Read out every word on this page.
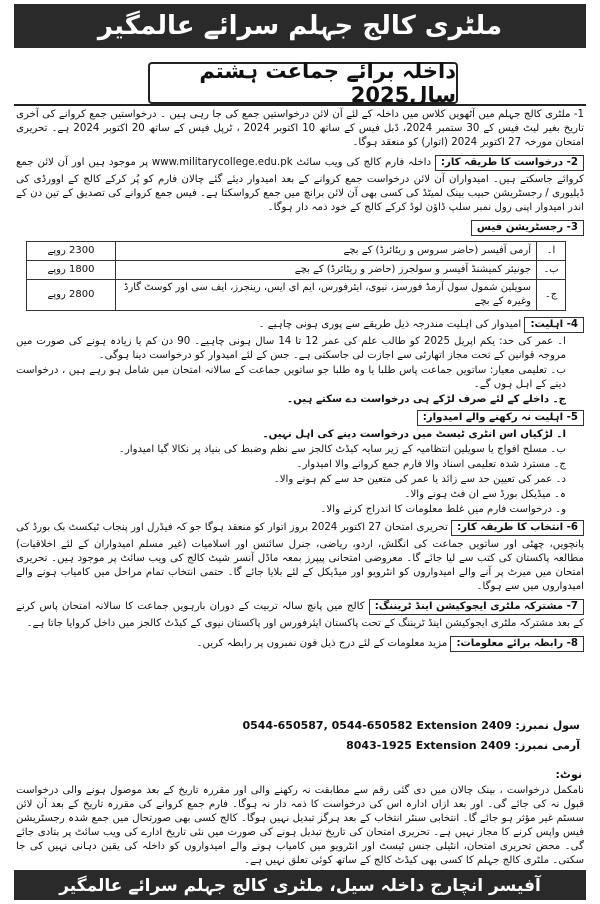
ملٹری کالج جہلم سرائے عالمگیر
داخلہ برائے جماعت ہشتم سال2025

1- ملٹری کالج جہلم میں آٹھویں کلاس میں داخلہ کے لئے آن لائن درخواستیں جمع کی جا رہی ہیں ۔ درخواستیں جمع کروانے کی آخری تاریخ بغیر لیٹ فیس کے 30 ستمبر 2024، ڈبل فیس کے ساتھ 10 اکتوبر 2024 ، ٹرپل فیس کے ساتھ 20 اکتوبر 2024 ہے۔ تحریری امتحان مورخہ 27 اکتوبر 2024 (اتوار) کو منعقد ہوگا۔

2- درخواست کا طریقہ کار: داخلہ فارم کالج کی ویب سائٹ www.militarycollege.edu.pk پر موجود ہیں اور آن لائن جمع کروائے جاسکتے ہیں۔ امیدواران آن لائن درخواست جمع کروانے کے بعد امیدوار دیئے گئے چالان فارم کو پُر کرکے کالج کے اوورڈی کی ڈیلیوری / رجسٹریشن حبیب بینک لمیٹڈ کی کسی بھی آن لائن برانچ میں جمع کرواسکتا ہے۔ فیس جمع کروانے کی تصدیق کے تین دن کے اندر امیدوار اپنی رول نمبر سلپ ڈاؤن لوڈ کرکے کالج کے خود ذمہ دار ہوگا۔

3- رجسٹریشن فیس
ا۔	آرمی آفیسر (حاضر سروس و ریٹائرڈ) کے بچے	2300 روپے
ب۔	جونیئر کمیشنڈ آفیسر و سولجرز (حاضر و ریٹائرڈ) کے بچے	1800 روپے
ج۔	سویلین شمول سول آرمڈ فورسز، نیوی، ایئرفورس، ایم ای ایس، رینجرز، ایف سی اور کوسٹ گارڈ وغیرہ کے بچے	2800 روپے
4- اہلیت: امیدوار کی اہلیت مندرجہ ذیل طریقے سے پوری ہونی چاہیے ۔

ا۔ عمر کی حد: یکم اپریل 2025 کو طالب علم کی عمر 12 تا 14 سال ہونی چاہیے۔ 90 دن کم یا زیادہ ہونے کی صورت میں مروجہ قوانین کے تحت مجاز اتھارٹی سے اجازت لی جاسکتی ہے۔ جس کے لئے امیدوار کو درخواست دینا ہوگی۔

ب۔ تعلیمی معیار: ساتویں جماعت پاس طلبا یا وہ طلبا جو ساتویں جماعت کے سالانہ امتحان میں شامل ہو رہے ہیں ، درخواست دینے کے اہل ہوں گے۔

ج۔ داخلے کے لئے صرف لڑکے ہی درخواست دے سکتے ہیں۔

5- اہلیت نہ رکھنے والے امیدوار:

ا۔ لڑکیاں اس انٹری ٹیسٹ میں درخواست دینے کی اہل نہیں۔

ب۔ مسلح افواج یا سویلین انتظامیہ کے زیر سایہ کیڈٹ کالجز سے نظم وضبط کی بنیاد پر نکالا گیا امیدوار۔

ج۔ مسترد شدہ تعلیمی اسناد والا فارم جمع کروانے والا امیدوار۔

د۔ عمر کی تعیین حد سے زائد یا عمر کی متعین حد سے کم ہونے والا۔

ہ۔ میڈیکل بورڈ سے ان فٹ ہونے والا۔

و۔ درخواست فارم میں غلط معلومات کا اندراج کرنے والا۔

6- انتخاب کا طریقہ کار: تحریری امتحان 27 اکتوبر 2024 بروز اتوار کو منعقد ہوگا جو کہ فیڈرل اور پنجاب ٹیکسٹ بک بورڈ کی پانچویں، چھٹی اور ساتویں جماعت کی انگلش، اردو، ریاضی، جنرل سائنس اور اسلامیات (غیر مسلم امیدواران کے لئے اخلاقیات) مطالعہ پاکستان کی کتب سے لیا جائے گا۔ معروضی امتحانی پیپرز بمعہ ماڈل آنسر شیٹ کالج کی ویب سائٹ پر موجود ہیں۔ تحریری امتحان میں میرٹ پر آنے والے امیدواروں کو انٹرویو اور میڈیکل کے لئے بلایا جائے گا۔ حتمی انتخاب تمام مراحل میں کامیاب ہونے والے امیدواروں میں سے ہوگا۔

7- مشترکہ ملٹری ایجوکیشن اینڈ ٹریننگ: کالج میں پانچ سالہ تربیت کے دوران بارہویں جماعت کا سالانہ امتحان پاس کرنے کے بعد مشترکہ ملٹری ایجوکیشن اینڈ ٹریننگ کے تحت پاکستان ایئرفورس اور پاکستان نیوی کے کیڈٹ کالجز میں داخل کروایا جاتا ہے۔

8- رابطہ برائے معلومات: مزید معلومات کے لئے درج ذیل فون نمبروں پر رابطہ کریں۔

سول نمبرز: 0544-650587, 0544-650582 Extension 2409
آرمی نمبرز: 8043-1925 Extension 2409
نوٹ:
نامکمل درخواست ، بینک چالان میں دی گئی رقم سے مطابقت نہ رکھنے والی اور مقررہ تاریخ کے بعد موصول ہونے والی درخواست قبول نہ کی جائے گی۔ اور بعد ازاں ادارہ اس کی درخواست کا ذمہ دار نہ ہوگا۔ فارم جمع کروانے کی مقررہ تاریخ کے بعد آن لائن سسٹم غیر مؤثر ہو جائے گا۔ انتخابی سنٹر انتخاب کے بعد ہرگز تبدیل نہیں ہوگا۔ کالج کسی بھی صورتحال میں جمع شدہ رجسٹریشن فیس واپس کرنے کا مجاز نہیں ہے۔ تحریری امتحان کی تاریخ تبدیل ہونے کی صورت میں نئی تاریخ ادارے کی ویب سائٹ پر بتادی جائے گی۔ محض تحریری امتحان، انٹیلی جنس ٹیسٹ اور انٹرویو میں کامیاب ہونے والے امیدواروں کو داخلہ کی یقین دہانی نہیں کی جا سکتی۔ ملٹری کالج جہلم کا کسی بھی کیڈٹ کالج کے ساتھ کوئی تعلق نہیں ہے۔
آفیسر انچارج داخلہ سیل، ملٹری کالج جہلم سرائے عالمگیر
